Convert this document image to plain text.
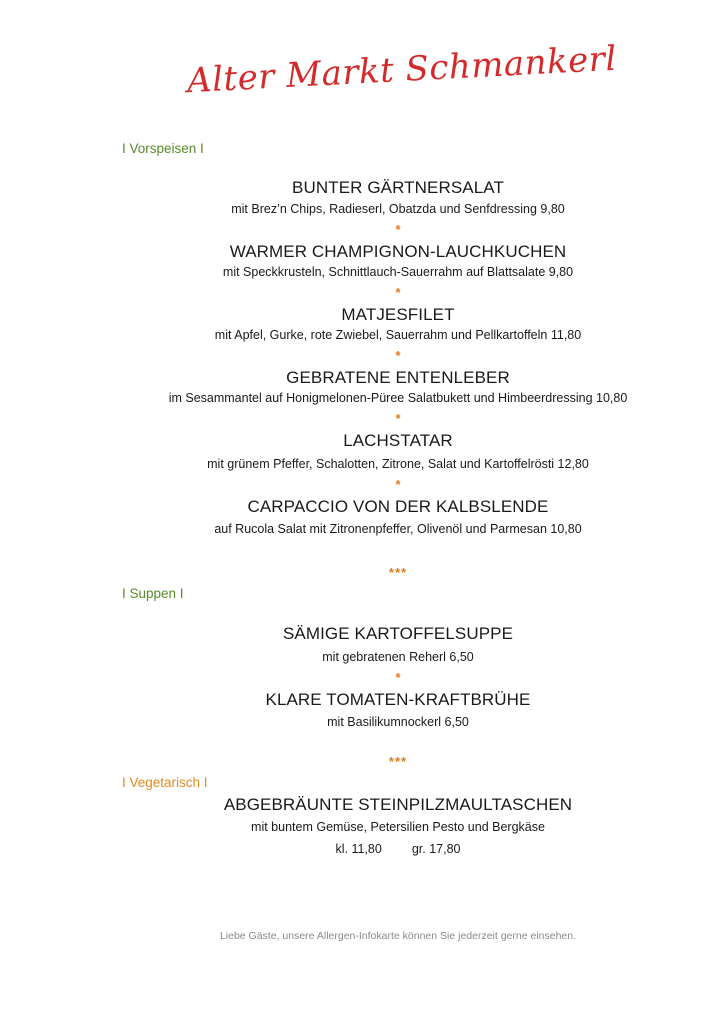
Alter Markt Schmankerl
I Vorspeisen I
BUNTER GÄRTNERSALAT
mit Brez’n Chips, Radieserl, Obatzda und Senfdressing 9,80
*
WARMER CHAMPIGNON-LAUCHKUCHEN
mit Speckkrusteln, Schnittlauch-Sauerrahm auf Blattsalate 9,80
*
MATJESFILET
mit Apfel, Gurke, rote Zwiebel, Sauerrahm und Pellkartoffeln 11,80
*
GEBRATENE ENTENLEBER
im Sesammantel auf Honigmelonen-Püree Salatbukett und Himbeerdressing 10,80
*
LACHSTATAR
mit grünem Pfeffer, Schalotten, Zitrone, Salat und Kartoffelrösti 12,80
*
CARPACCIO VON DER KALBSLENDE
auf Rucola Salat mit Zitronenpfeffer, Olivenöl und Parmesan 10,80
***
I Suppen I
SÄMIGE KARTOFFELSUPPE
mit gebratenen Reherl 6,50
*
KLARE TOMATEN-KRAFTBRÜHE
mit Basilikumnockerl 6,50
***
I Vegetarisch I
ABGEBRÄUNTE STEINPILZMAULTASCHEN
mit buntem Gemüse, Petersilien Pesto und Bergkäse
kl. 11,80 gr. 17,80
Liebe Gäste, unsere Allergen-Infokarte können Sie jederzeit gerne einsehen.
